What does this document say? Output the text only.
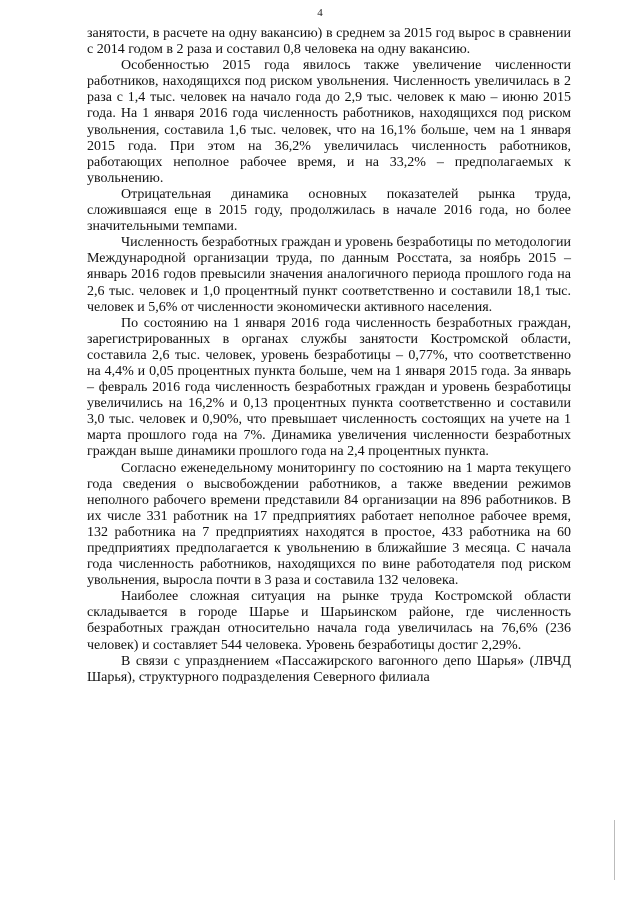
4

занятости, в расчете на одну вакансию) в среднем за 2015 год вырос в сравнении с 2014 годом в 2 раза и составил 0,8 человека на одну вакансию.

Особенностью 2015 года явилось также увеличение численности работников, находящихся под риском увольнения. Численность увеличилась в 2 раза с 1,4 тыс. человек на начало года до 2,9 тыс. человек к маю – июню 2015 года. На 1 января 2016 года численность работников, находящихся под риском увольнения, составила 1,6 тыс. человек, что на 16,1% больше, чем на 1 января 2015 года. При этом на 36,2% увеличилась численность работников, работающих неполное рабочее время, и на 33,2% – предполагаемых к увольнению.

Отрицательная динамика основных показателей рынка труда, сложившаяся еще в 2015 году, продолжилась в начале 2016 года, но более значительными темпами.

Численность безработных граждан и уровень безработицы по методологии Международной организации труда, по данным Росстата, за ноябрь 2015 – январь 2016 годов превысили значения аналогичного периода прошлого года на 2,6 тыс. человек и 1,0 процентный пункт соответственно и составили 18,1 тыс. человек и 5,6% от численности экономически активного населения.

По состоянию на 1 января 2016 года численность безработных граждан, зарегистрированных в органах службы занятости Костромской области, составила 2,6 тыс. человек, уровень безработицы – 0,77%, что соответственно на 4,4% и 0,05 процентных пункта больше, чем на 1 января 2015 года. За январь – февраль 2016 года численность безработных граждан и уровень безработицы увеличились на 16,2% и 0,13 процентных пункта соответственно и составили 3,0 тыс. человек и 0,90%, что превышает численность состоящих на учете на 1 марта прошлого года на 7%. Динамика увеличения численности безработных граждан выше динамики прошлого года на 2,4 процентных пункта.

Согласно еженедельному мониторингу по состоянию на 1 марта текущего года сведения о высвобождении работников, а также введении режимов неполного рабочего времени представили 84 организации на 896 работников. В их числе 331 работник на 17 предприятиях работает неполное рабочее время, 132 работника на 7 предприятиях находятся в простое, 433 работника на 60 предприятиях предполагается к увольнению в ближайшие 3 месяца. С начала года численность работников, находящихся по вине работодателя под риском увольнения, выросла почти в 3 раза и составила 132 человека.

Наиболее сложная ситуация на рынке труда Костромской области складывается в городе Шарье и Шарьинском районе, где численность безработных граждан относительно начала года увеличилась на 76,6% (236 человек) и составляет 544 человека. Уровень безработицы достиг 2,29%.

В связи с упразднением «Пассажирского вагонного депо Шарья» (ЛВЧД Шарья), структурного подразделения Северного филиала
